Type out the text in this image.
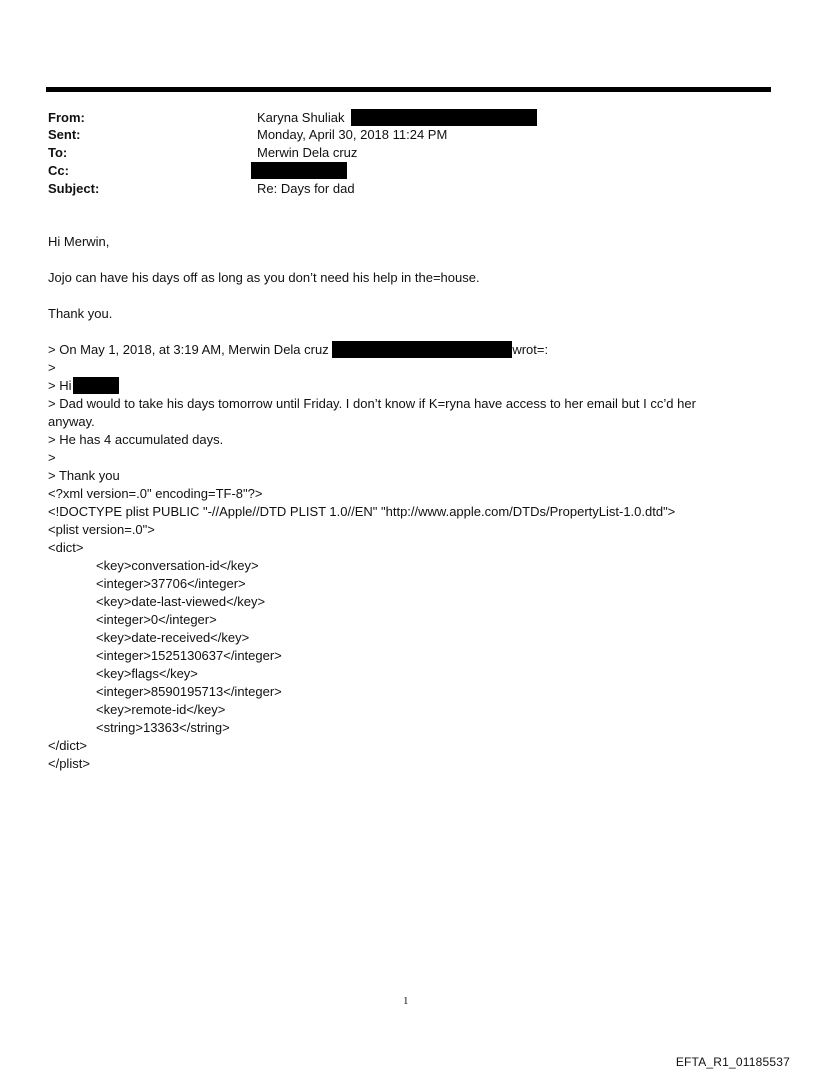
From:	Karyna Shuliak
Sent:	Monday, April 30, 2018 11:24 PM
To:	Merwin Dela cruz
Cc:
Subject:	Re: Days for dad
Hi Merwin,
Jojo can have his days off as long as you don’t need his help in the=house.
Thank you.
> On May 1, 2018, at 3:19 AM, Merwin Dela cruz	wrot=:
>
> Hi
> Dad would to take his days tomorrow until Friday. I don’t know if K=ryna have access to her email but I cc’d her
anyway.
> He has 4 accumulated days.
>
> Thank you
<?xml version=.0" encoding=TF-8"?>
<!DOCTYPE plist PUBLIC "-//Apple//DTD PLIST 1.0//EN" "http://www.apple.com/DTDs/PropertyList-1.0.dtd">
<plist version=.0">
<dict>
<key>conversation-id</key>
<integer>37706</integer>
<key>date-last-viewed</key>
<integer>0</integer>
<key>date-received</key>
<integer>1525130637</integer>
<key>flags</key>
<integer>8590195713</integer>
<key>remote-id</key>
<string>13363</string>
</dict>
</plist>
1
EFTA_R1_01185537
